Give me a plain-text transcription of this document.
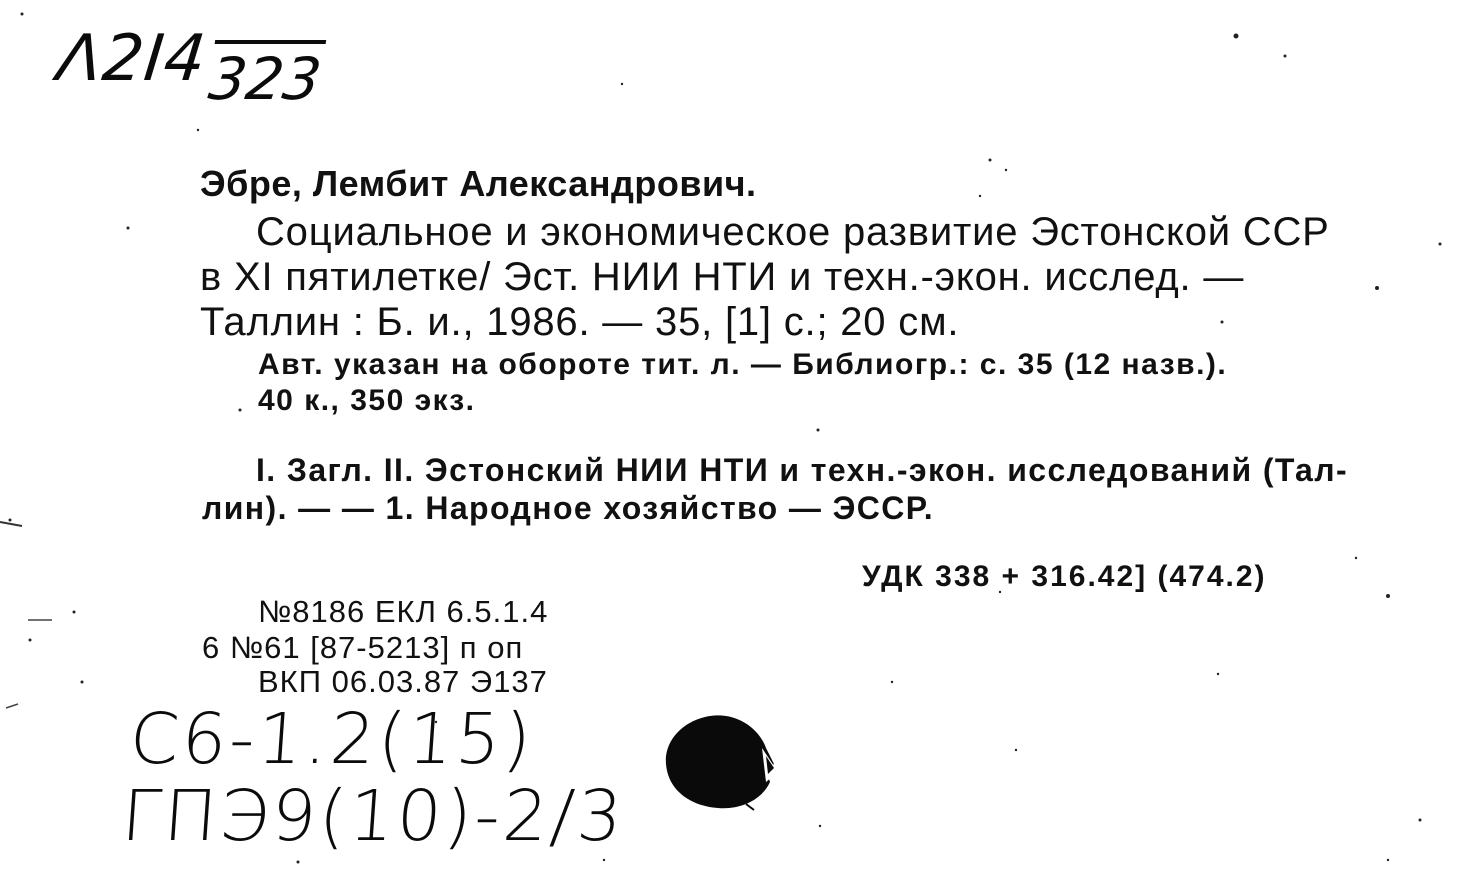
Λ2I4
323
Эбре, Лембит Александрович.
Социальное и экономическое развитие Эстонской ССР
в XI пятилетке/ Эст. НИИ НТИ и техн.-экон. исслед. —
Таллин : Б. и., 1986. — 35, [1] с.; 20 см.
Авт. указан на обороте тит. л. — Библиогр.: с. 35 (12 назв.).
40 к., 350 экз.
I. Загл. II. Эстонский НИИ НТИ и техн.-экон. исследований (Тал-
лин). — — 1. Народное хозяйство — ЭССР.
УДК 338 + 316.42] (474.2)
№8186 ЕКЛ 6.5.1.4
6 №61 [87-5213] п оп
ВКП 06.03.87 Э137
C6-1.2(15)
ΓΠЭ9(10)-2/3
